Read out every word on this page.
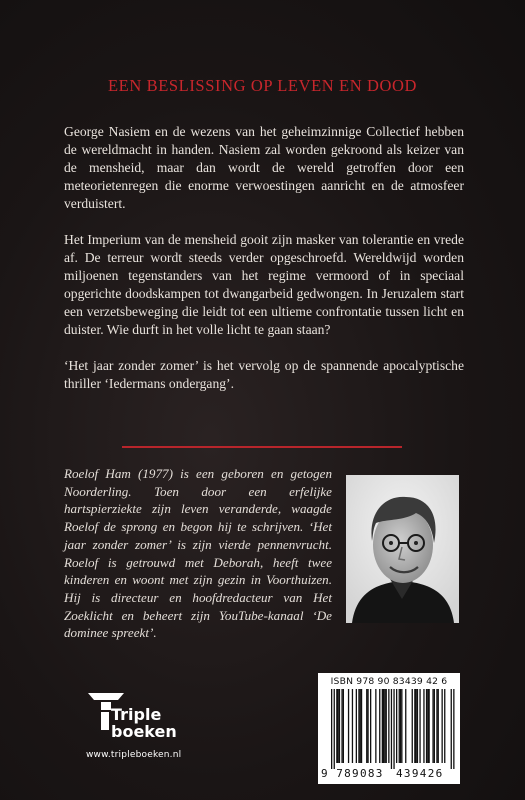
EEN BESLISSING OP LEVEN EN DOOD

George Nasiem en de wezens van het geheimzinnige Collectief hebben de wereldmacht in handen. Nasiem zal worden gekroond als keizer van de mensheid, maar dan wordt de wereld getroffen door een meteorietenregen die enorme verwoestingen aanricht en de atmosfeer verduistert.

Het Imperium van de mensheid gooit zijn masker van tolerantie en vrede af. De terreur wordt steeds verder opgeschroefd. Wereldwijd worden miljoenen tegenstanders van het regime vermoord of in speciaal opgerichte doodskampen tot dwangarbeid gedwongen. In Jeruzalem start een verzetsbeweging die leidt tot een ultieme confrontatie tussen licht en duister. Wie durft in het volle licht te gaan staan?

‘Het jaar zonder zomer’ is het vervolg op de spannende apocalyptische thriller ‘Iedermans ondergang’.

Roelof Ham (1977) is een geboren en getogen Noorderling. Toen door een erfelijke hartspierziekte zijn leven veranderde, waagde Roelof de sprong en begon hij te schrijven. ‘Het jaar zonder zomer’ is zijn vierde pennenvrucht. Roelof is getrouwd met Deborah, heeft twee kinderen en woont met zijn gezin in Voorthuizen. Hij is directeur en hoofdredacteur van Het Zoeklicht en beheert zijn YouTube-kanaal ‘De dominee spreekt’.
Triple
boeken
www.tripleboeken.nl
ISBN 978 90 83439 42 6
9 789083 439426
